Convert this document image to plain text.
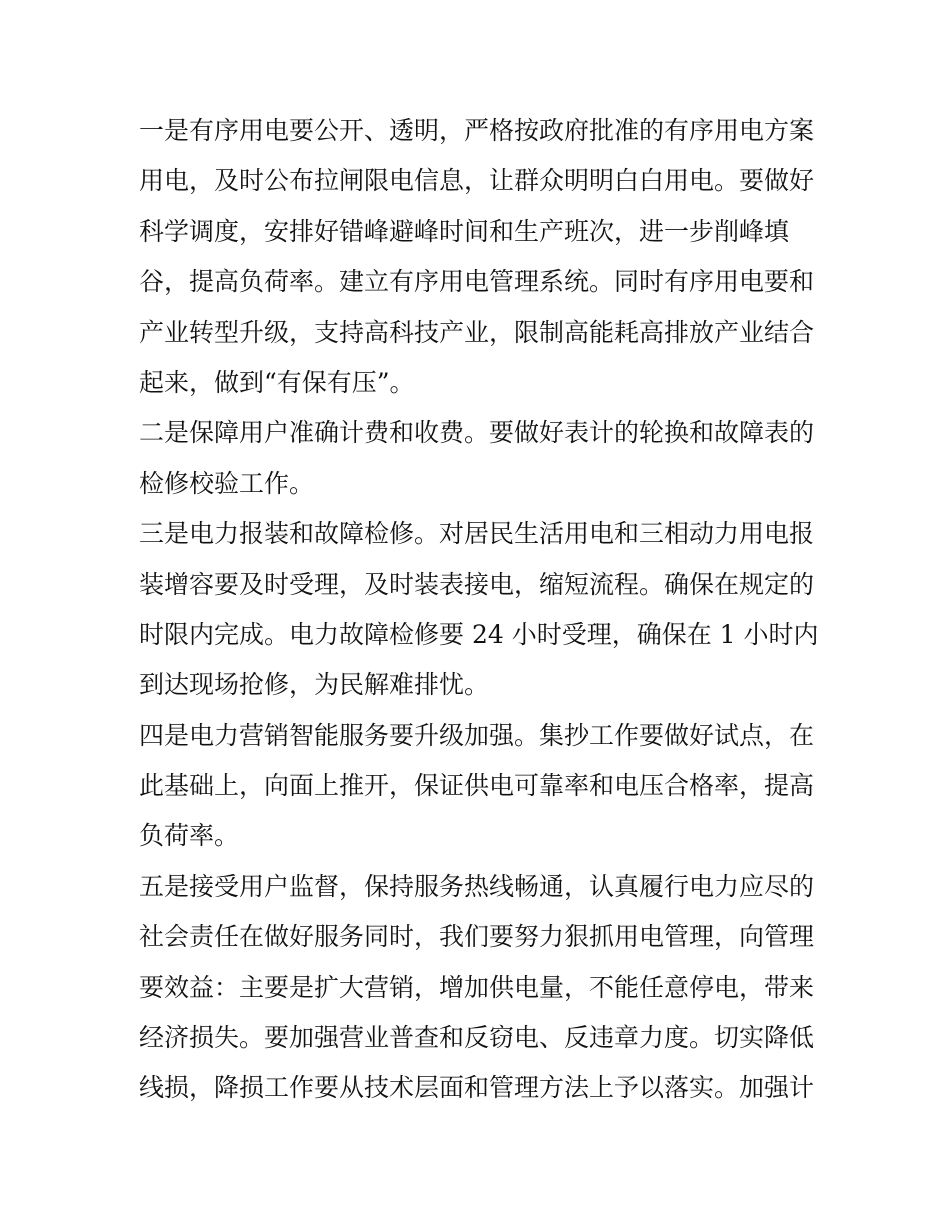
一是有序用电要公开、透明，严格按政府批准的有序用电方案
用电，及时公布拉闸限电信息，让群众明明白白用电。要做好
科学调度，安排好错峰避峰时间和生产班次，进一步削峰填
谷，提高负荷率。建立有序用电管理系统。同时有序用电要和
产业转型升级，支持高科技产业，限制高能耗高排放产业结合
起来，做到“有保有压”。
二是保障用户准确计费和收费。要做好表计的轮换和故障表的
检修校验工作。
三是电力报装和故障检修。对居民生活用电和三相动力用电报
装增容要及时受理，及时装表接电，缩短流程。确保在规定的
时限内完成。电力故障检修要 24 小时受理，确保在 1 小时内
到达现场抢修，为民解难排忧。
四是电力营销智能服务要升级加强。集抄工作要做好试点，在
此基础上，向面上推开，保证供电可靠率和电压合格率，提高
负荷率。
五是接受用户监督，保持服务热线畅通，认真履行电力应尽的
社会责任在做好服务同时，我们要努力狠抓用电管理，向管理
要效益：主要是扩大营销，增加供电量，不能任意停电，带来
经济损失。要加强营业普查和反窃电、反违章力度。切实降低
线损，降损工作要从技术层面和管理方法上予以落实。加强计
